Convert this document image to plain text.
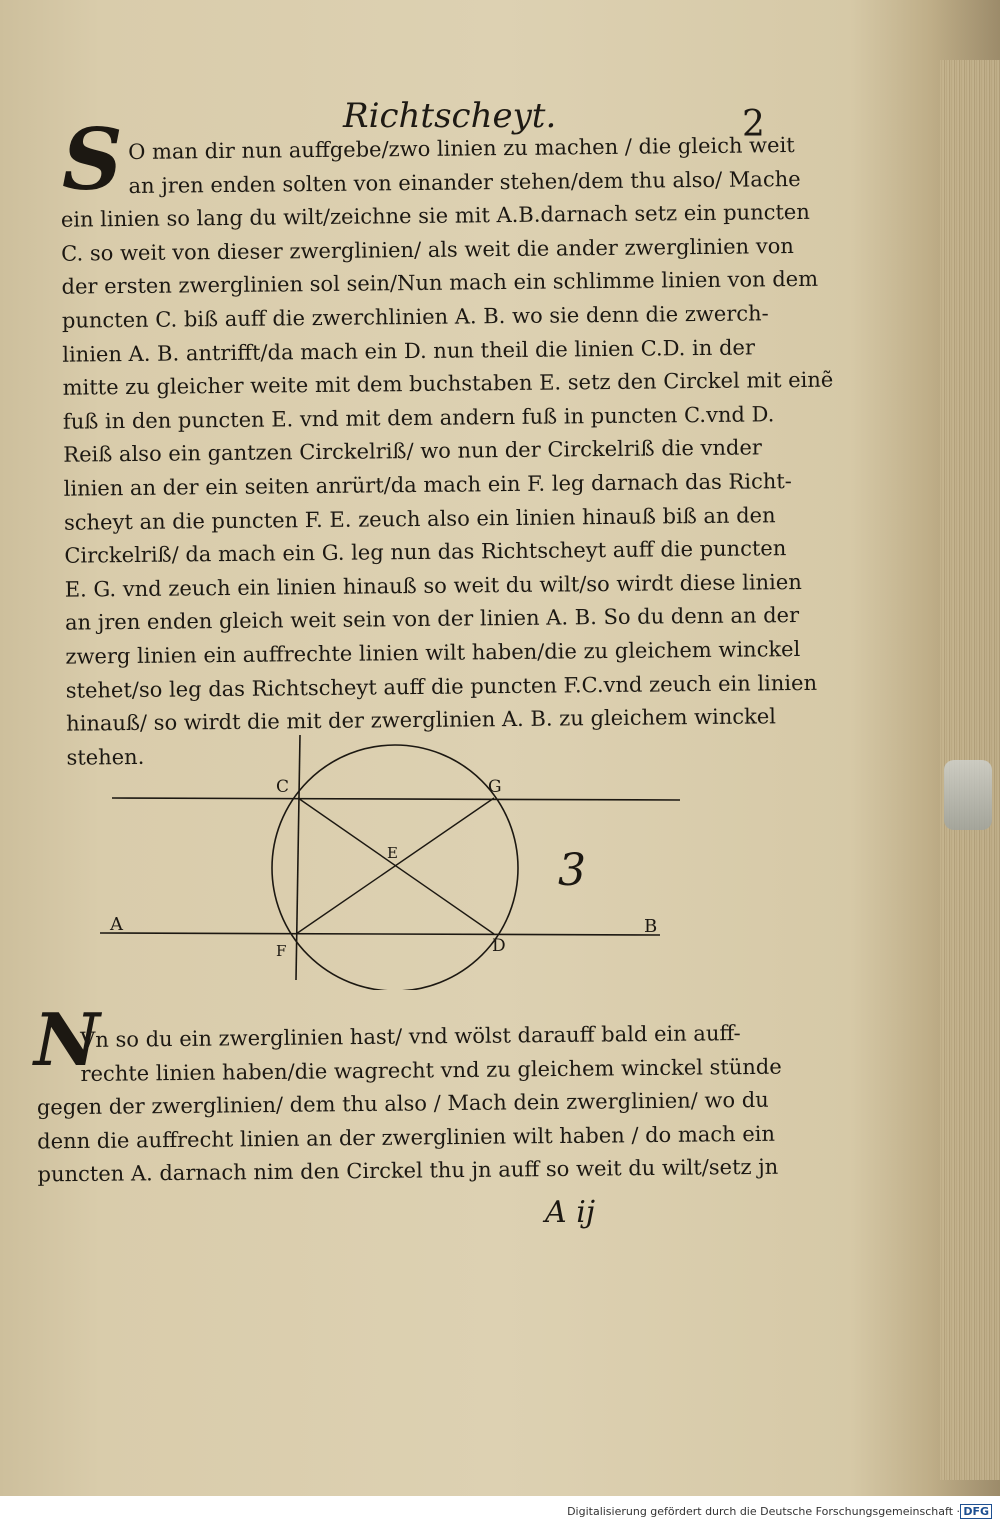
Richtscheyt.	2
S O man dir nun auffgebe/zwo linien zu machen / die gleich weit
an jren enden solten von einander stehen/dem thu also/ Mache
ein linien so lang du wilt/zeichne sie mit A.B.darnach setz ein puncten
C. so weit von dieser zwerglinien/ als weit die ander zwerglinien von
der ersten zwerglinien sol sein/Nun mach ein schlimme linien von dem
puncten C. biß auff die zwerchlinien A. B. wo sie denn die zwerch-
linien A. B. antrifft/da mach ein D. nun theil die linien C.D. in der
mitte zu gleicher weite mit dem buchstaben E. setz den Circkel mit einẽ
fuß in den puncten E. vnd mit dem andern fuß in puncten C.vnd D.
Reiß also ein gantzen Circkelriß/ wo nun der Circkelriß die vnder
linien an der ein seiten anrürt/da mach ein F. leg darnach das Richt-
scheyt an die puncten F. E. zeuch also ein linien hinauß biß an den
Circkelriß/ da mach ein G. leg nun das Richtscheyt auff die puncten
E. G. vnd zeuch ein linien hinauß so weit du wilt/so wirdt diese linien
an jren enden gleich weit sein von der linien A. B. So du denn an der
zwerg linien ein auffrechte linien wilt haben/die zu gleichem winckel
stehet/so leg das Richtscheyt auff die puncten F.C.vnd zeuch ein linien
hinauß/ so wirdt die mit der zwerglinien A. B. zu gleichem winckel
stehen.
C	G
E
A	B
F	D
3
N
Vn so du ein zwerglinien hast/ vnd wölst darauff bald ein auff-
rechte linien haben/die wagrecht vnd zu gleichem winckel stünde
gegen der zwerglinien/ dem thu also / Mach dein zwerglinien/ wo du
denn die auffrecht linien an der zwerglinien wilt haben / do mach ein
puncten A. darnach nim den Circkel thu jn auff so weit du wilt/setz jn
A ij
Digitalisierung gefördert durch die Deutsche Forschungsgemeinschaft · DFG
